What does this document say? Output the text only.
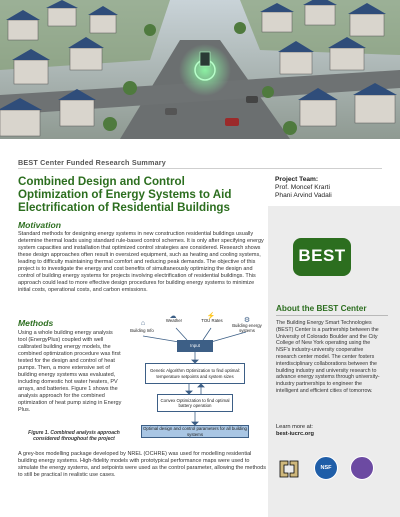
BEST Center Funded Research Summary
Combined Design and Control Optimization of Energy Systems to Aid Electrification of Residential Buildings
Project Team:
Prof. Moncef Krarti
Phani Arvind Vadali
Motivation
Standard methods for designing energy systems in new construction residential buildings usually determine thermal loads using standard rule-based control schemes. It is only after specifying energy system capacities and installation that optimized control strategies are considered. Research shows these design approaches often result in oversized equipment, such as heating and cooling systems, leading to difficulty maintaining thermal comfort and reducing peak demands. The objective of this project is to investigate the energy and cost benefits of simultaneously optimizing the design and control of building energy systems for projects involving electrification of residential buildings. This approach could lead to more effective design procedures for building energy systems to minimize initial costs, operational costs, and carbon emissions.
Methods
Using a whole building energy analysis tool (EnergyPlus) coupled with well calibrated building energy models, the combined optimization procedure was first tested for the design and control of heat pumps. Then, a more extensive set of building energy systems was evaluated, including domestic hot water heaters, PV arrays, and batteries. Figure 1 shows the analysis approach for the combined optimization of heat pump sizing in Energy Plus.
Figure 1. Combined analysis approach considered throughout the project
⌂
Building Info
☁
Weather
⚡
TOU Rates	⚙
Building energy systems
Input
Genetic Algorithm Optimization to find optimal: temperature setpoints and system sizes
Convex Optimization to find optimal battery operation
Optimal design and control parameters for all building systems
A grey-box modelling package developed by NREL (OCHRE) was used for modelling residential building energy systems. High-fidelity models with prototypical performance maps were used to simulate the energy systems, and setpoints were used as the control parameter, allowing the methods to still be practical in realistic use cases.
BEST
About the BEST Center
The Building Energy Smart Technologies (BEST) Center is a partnership between the University of Colorado Boulder and the City College of New York operating using the NSF's industry-university cooperative research center model. The center fosters interdisciplinary collaborations between the building industry and university research to advance energy systems through university-industry partnerships to engineer the intelligent and efficient cities of tomorrow.
Learn more at:
best-iucrc.org
NSF
